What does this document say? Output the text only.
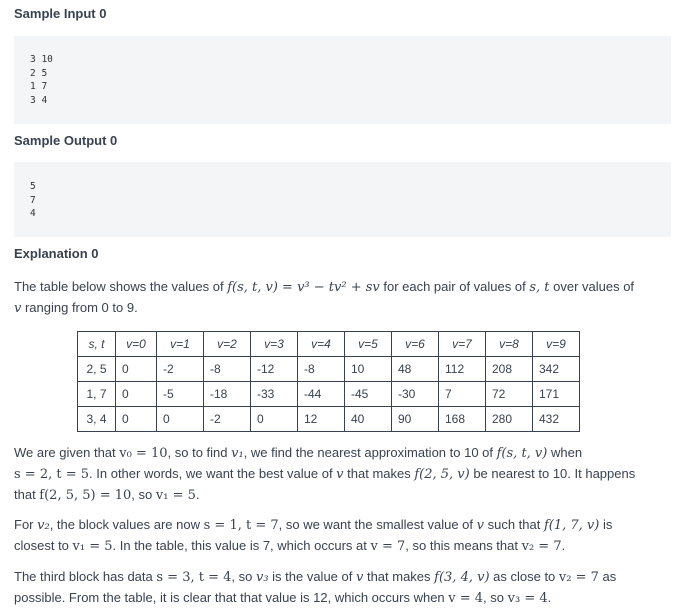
Sample Input 0
3 10
2 5
1 7
3 4
Sample Output 0
5
7
4
Explanation 0

The table below shows the values of f(s, t, v) = v³ − tv² + sv for each pair of values of s, t over values of
v ranging from 0 to 9.

s, t	v=0	v=1	v=2	v=3	v=4	v=5	v=6	v=7	v=8	v=9
2, 5	0	-2	-8	-12	-8	10	48	112	208	342
1, 7	0	-5	-18	-33	-44	-45	-30	7	72	171
3, 4	0	0	-2	0	12	40	90	168	280	432

We are given that v₀ = 10, so to find v₁, we find the nearest approximation to 10 of f(s, t, v) when
s = 2, t = 5. In other words, we want the best value of v that makes f(2, 5, v) be nearest to 10. It happens
that f(2, 5, 5) = 10, so v₁ = 5.

For v₂, the block values are now s = 1, t = 7, so we want the smallest value of v such that f(1, 7, v) is
closest to v₁ = 5. In the table, this value is 7, which occurs at v = 7, so this means that v₂ = 7.

The third block has data s = 3, t = 4, so v₃ is the value of v that makes f(3, 4, v) as close to v₂ = 7 as
possible. From the table, it is clear that that value is 12, which occurs when v = 4, so v₃ = 4.
